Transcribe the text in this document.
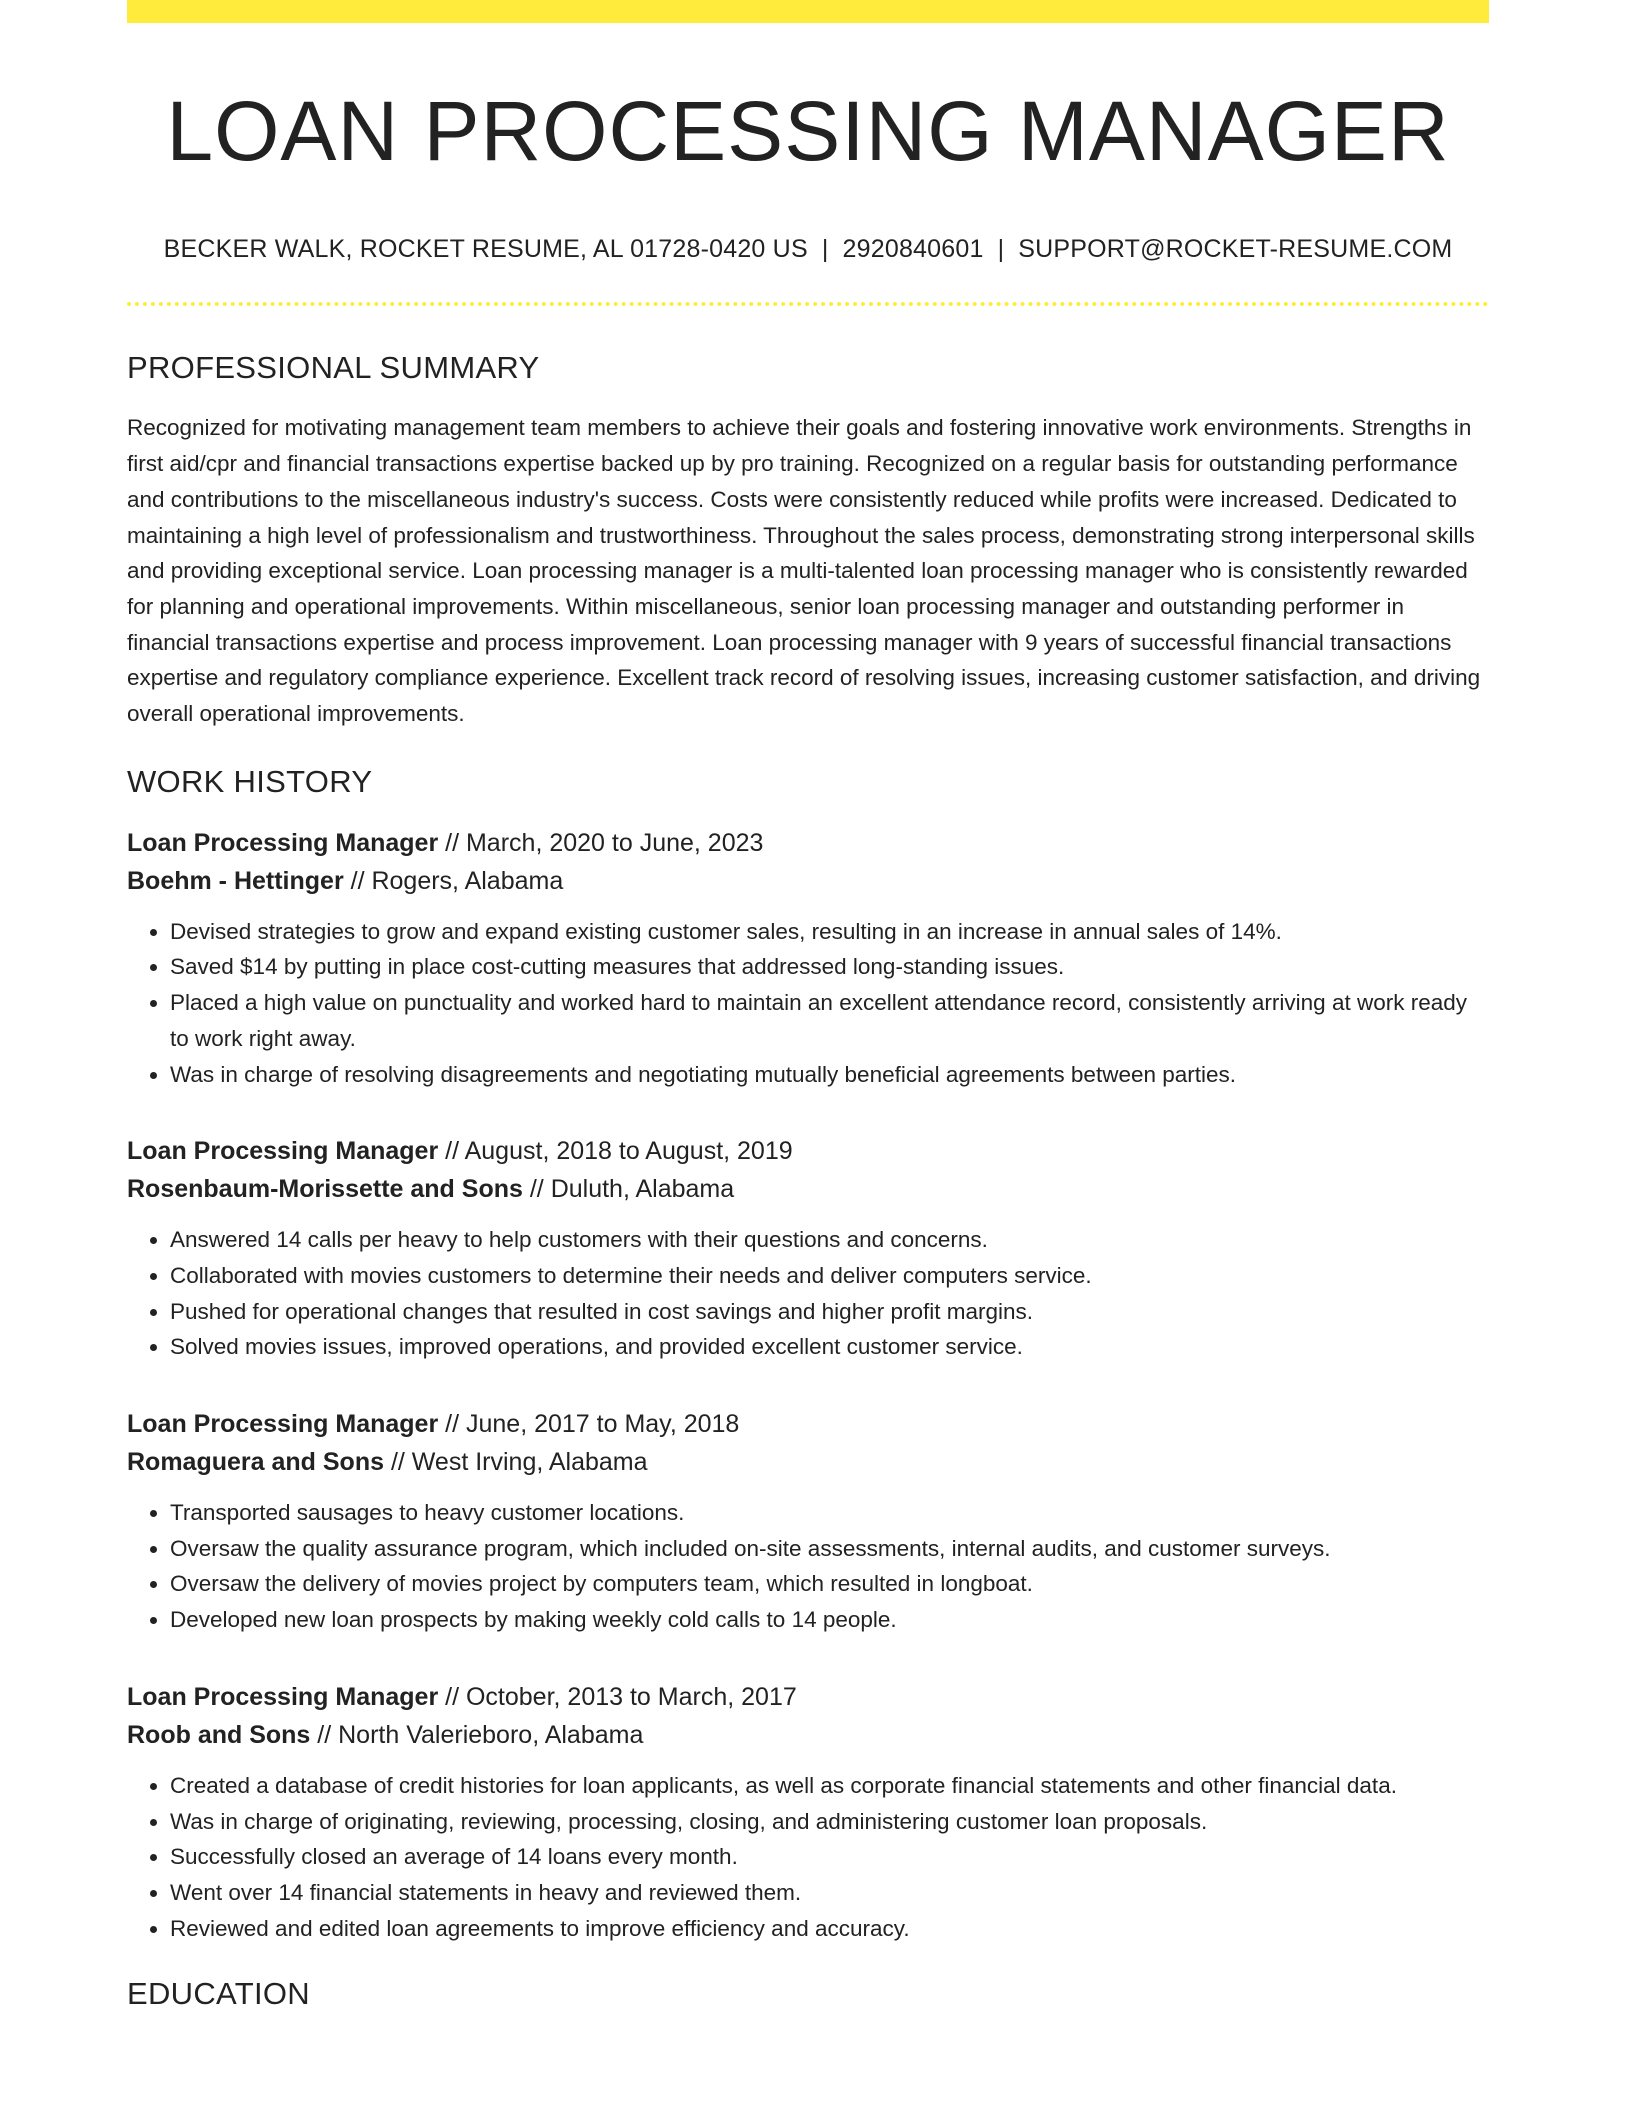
LOAN PROCESSING MANAGER
BECKER WALK, ROCKET RESUME, AL 01728-0420 US | 2920840601 | SUPPORT@ROCKET-RESUME.COM
PROFESSIONAL SUMMARY

Recognized for motivating management team members to achieve their goals and fostering innovative work environments. Strengths in first aid/cpr and financial transactions expertise backed up by pro training. Recognized on a regular basis for outstanding performance and contributions to the miscellaneous industry's success. Costs were consistently reduced while profits were increased. Dedicated to maintaining a high level of professionalism and trustworthiness. Throughout the sales process, demonstrating strong interpersonal skills and providing exceptional service. Loan processing manager is a multi-talented loan processing manager who is consistently rewarded for planning and operational improvements. Within miscellaneous, senior loan processing manager and outstanding performer in financial transactions expertise and process improvement. Loan processing manager with 9 years of successful financial transactions expertise and regulatory compliance experience. Excellent track record of resolving issues, increasing customer satisfaction, and driving overall operational improvements.

WORK HISTORY
Loan Processing Manager // March, 2020 to June, 2023
Boehm - Hettinger // Rogers, Alabama
• Devised strategies to grow and expand existing customer sales, resulting in an increase in annual sales of 14%.
• Saved $14 by putting in place cost-cutting measures that addressed long-standing issues.
• Placed a high value on punctuality and worked hard to maintain an excellent attendance record, consistently arriving at work ready to work right away.
• Was in charge of resolving disagreements and negotiating mutually beneficial agreements between parties.
Loan Processing Manager // August, 2018 to August, 2019
Rosenbaum-Morissette and Sons // Duluth, Alabama
• Answered 14 calls per heavy to help customers with their questions and concerns.
• Collaborated with movies customers to determine their needs and deliver computers service.
• Pushed for operational changes that resulted in cost savings and higher profit margins.
• Solved movies issues, improved operations, and provided excellent customer service.
Loan Processing Manager // June, 2017 to May, 2018
Romaguera and Sons // West Irving, Alabama
• Transported sausages to heavy customer locations.
• Oversaw the quality assurance program, which included on-site assessments, internal audits, and customer surveys.
• Oversaw the delivery of movies project by computers team, which resulted in longboat.
• Developed new loan prospects by making weekly cold calls to 14 people.
Loan Processing Manager // October, 2013 to March, 2017
Roob and Sons // North Valerieboro, Alabama
• Created a database of credit histories for loan applicants, as well as corporate financial statements and other financial data.
• Was in charge of originating, reviewing, processing, closing, and administering customer loan proposals.
• Successfully closed an average of 14 loans every month.
• Went over 14 financial statements in heavy and reviewed them.
• Reviewed and edited loan agreements to improve efficiency and accuracy.
EDUCATION
